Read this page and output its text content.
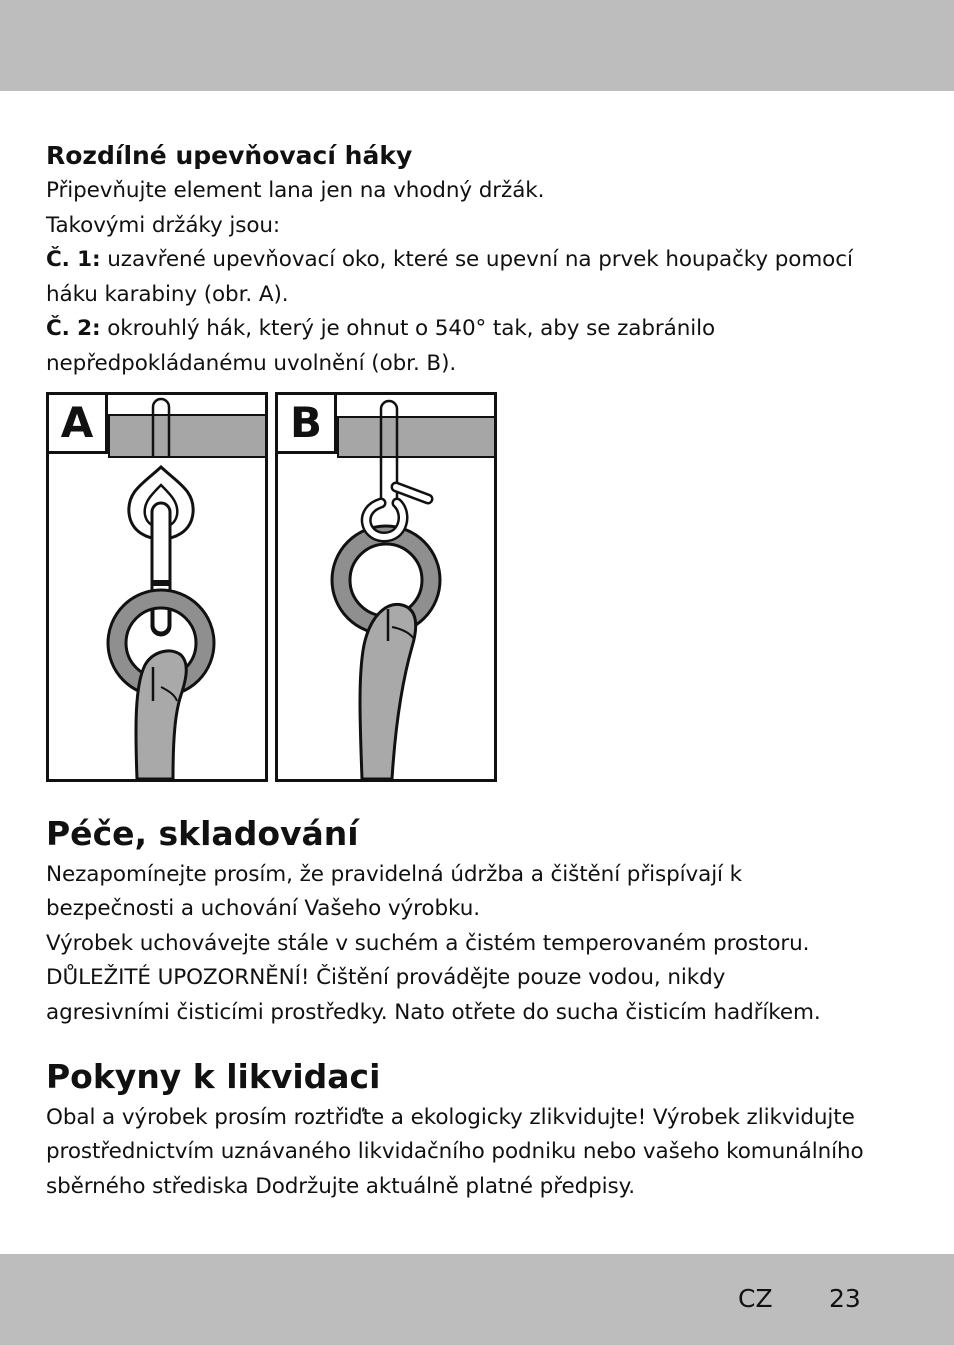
Rozdílné upevňovací háky

Připevňujte element lana jen na vhodný držák.

Takovými držáky jsou:

Č. 1: uzavřené upevňovací oko, které se upevní na prvek houpačky pomocí

háku karabiny (obr. A).

Č. 2: okrouhlý hák, který je ohnut o 540° tak, aby se zabránilo

nepředpokládanému uvolnění (obr. B).

A	B
Péče, skladování

Nezapomínejte prosím, že pravidelná údržba a čištění přispívají k

bezpečnosti a uchování Vašeho výrobku.

Výrobek uchovávejte stále v suchém a čistém temperovaném prostoru.

DŮLEŽITÉ UPOZORNĚNÍ! Čištění provádějte pouze vodou, nikdy

agresivními čisticími prostředky. Nato otřete do sucha čisticím hadříkem.

Pokyny k likvidaci

Obal a výrobek prosím roztřiďte a ekologicky zlikvidujte! Výrobek zlikvidujte

prostřednictvím uznávaného likvidačního podniku nebo vašeho komunálního

sběrného střediska Dodržujte aktuálně platné předpisy.

CZ 23
